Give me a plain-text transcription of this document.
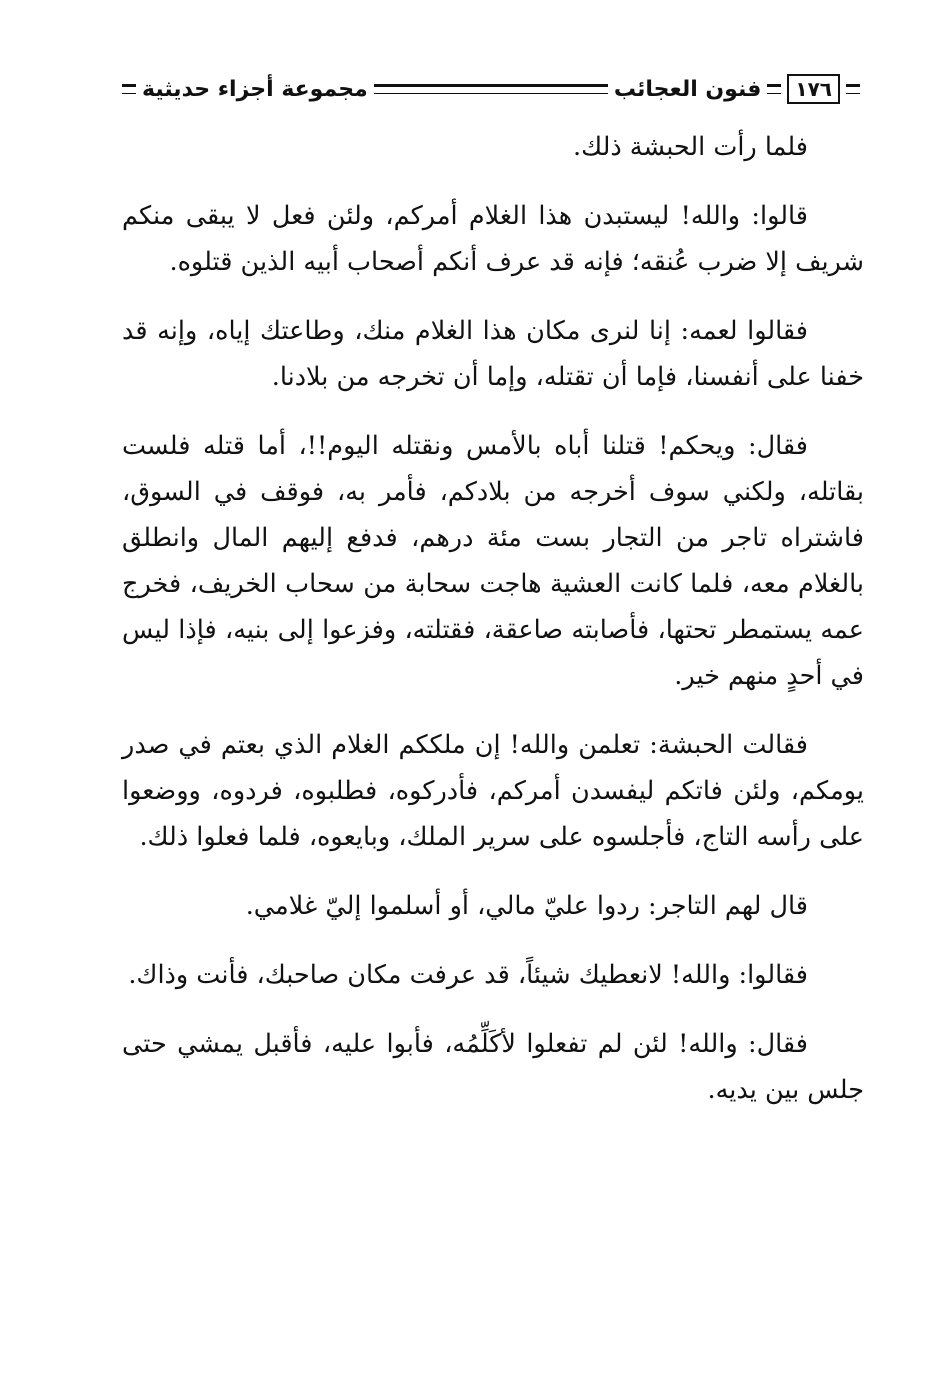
١٧٦
فنون العجائب
مجموعة أجزاء حديثية

فلما رأت الحبشة ذلك.

قالوا: والله! ليستبدن هذا الغلام أمركم، ولئن فعل لا يبقى منكم شريف إلا ضرب عُنقه؛ فإنه قد عرف أنكم أصحاب أبيه الذين قتلوه.

فقالوا لعمه: إنا لنرى مكان هذا الغلام منك، وطاعتك إياه، وإنه قد خفنا على أنفسنا، فإما أن تقتله، وإما أن تخرجه من بلادنا.

فقال: ويحكم! قتلنا أباه بالأمس ونقتله اليوم!!، أما قتله فلست بقاتله، ولكني سوف أخرجه من بلادكم، فأمر به، فوقف في السوق، فاشتراه تاجر من التجار بست مئة درهم، فدفع إليهم المال وانطلق بالغلام معه، فلما كانت العشية هاجت سحابة من سحاب الخريف، فخرج عمه يستمطر تحتها، فأصابته صاعقة، فقتلته، وفزعوا إلى بنيه، فإذا ليس في أحدٍ منهم خير.

فقالت الحبشة: تعلمن والله! إن ملككم الغلام الذي بعتم في صدر يومكم، ولئن فاتكم ليفسدن أمركم، فأدركوه، فطلبوه، فردوه، ووضعوا على رأسه التاج، فأجلسوه على سرير الملك، وبايعوه، فلما فعلوا ذلك.

قال لهم التاجر: ردوا عليّ مالي، أو أسلموا إليّ غلامي.

فقالوا: والله! لانعطيك شيئاً، قد عرفت مكان صاحبك، فأنت وذاك.

فقال: والله! لئن لم تفعلوا لأكَلِّمُه، فأبوا عليه، فأقبل يمشي حتى جلس بين يديه.
